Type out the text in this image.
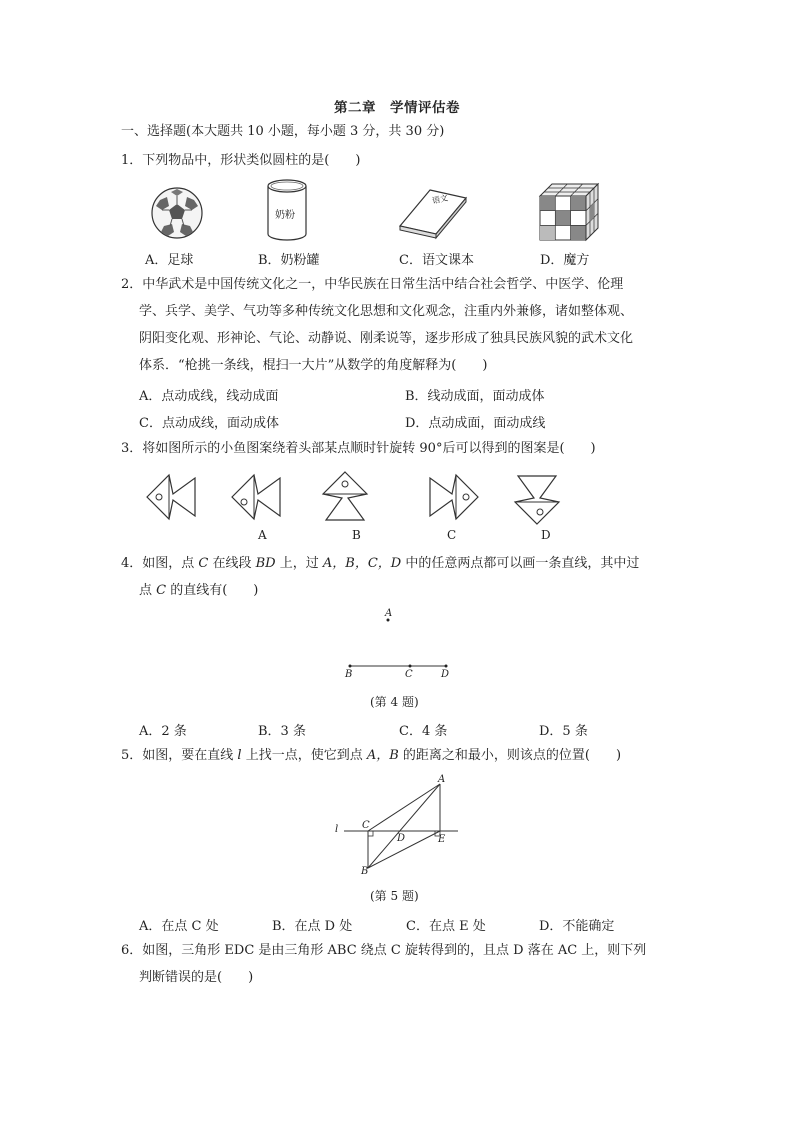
第二章　学情评估卷
一、选择题(本大题共 10 小题，每小题 3 分，共 30 分)
1．下列物品中，形状类似圆柱的是(　　)
奶粉
语文
A．足球	B．奶粉罐	C．语文课本	D．魔方
2．中华武术是中国传统文化之一，中华民族在日常生活中结合社会哲学、中医学、伦理
学、兵学、美学、气功等多种传统文化思想和文化观念，注重内外兼修，诸如整体观、
阴阳变化观、形神论、气论、动静说、刚柔说等，逐步形成了独具民族风貌的武术文化
体系．“枪挑一条线，棍扫一大片”从数学的角度解释为(　　)
A．点动成线，线动成面	B．线动成面，面动成体
C．点动成线，面动成体	D．点动成面，面动成线
3．将如图所示的小鱼图案绕着头部某点顺时针旋转 90°后可以得到的图案是(　　)
A	B	C	D
4．如图，点 C 在线段 BD 上，过 A，B，C，D 中的任意两点都可以画一条直线，其中过
点 C 的直线有(　　)
A
B	C	D
(第 4 题)
A．2 条	B．3 条	C．4 条	D．5 条
5．如图，要在直线 l 上找一点，使它到点 A，B 的距离之和最小，则该点的位置(　　)
A
l C
D	E
B
(第 5 题)
A．在点 C 处	B．在点 D 处	C．在点 E 处	D．不能确定
6．如图，三角形 EDC 是由三角形 ABC 绕点 C 旋转得到的，且点 D 落在 AC 上，则下列
判断错误的是(　　)
